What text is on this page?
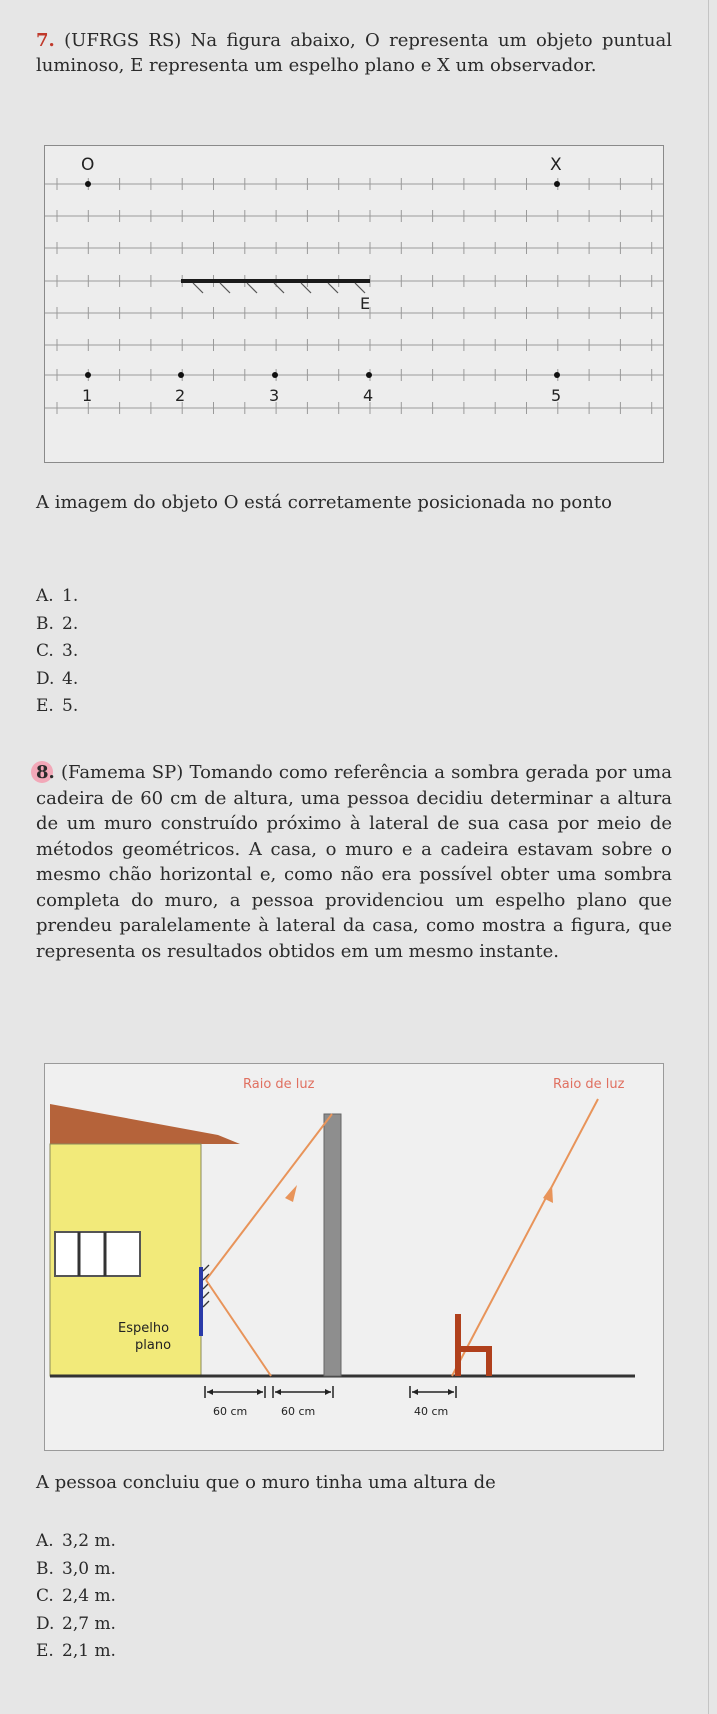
7. (UFRGS RS) Na figura abaixo, O representa um objeto puntual luminoso, E representa um espelho plano e X um observador.
E
O	X
1	2	3	4	5
A imagem do objeto O está corretamente posicionada no ponto
A. 1.
B. 2.
C. 3.
D. 4.
E. 5.
8. (Famema SP) Tomando como referência a sombra gerada por uma cadeira de 60 cm de altura, uma pessoa decidiu determinar a altura de um muro construído próximo à lateral de sua casa por meio de métodos geométricos. A casa, o muro e a cadeira estavam sobre o mesmo chão horizontal e, como não era possível obter uma sombra completa do muro, a pessoa providenciou um espelho plano que prendeu paralelamente à lateral da casa, como mostra a figura, que representa os resultados obtidos em um mesmo instante.
Espelho
plano
Raio de luz	Raio de luz
60 cm	60 cm	40 cm
A pessoa concluiu que o muro tinha uma altura de
A. 3,2 m.
B. 3,0 m.
C. 2,4 m.
D. 2,7 m.
E. 2,1 m.
